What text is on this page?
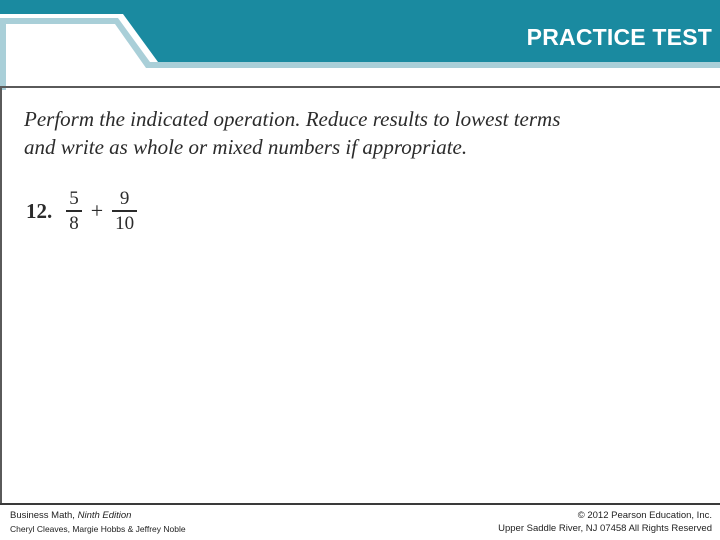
PRACTICE TEST
Perform the indicated operation. Reduce results to lowest terms
and write as whole or mixed numbers if appropriate.
12. $\frac{5}{8} + \frac{9}{10}$
Business Math, Ninth Edition
Cheryl Cleaves, Margie Hobbs & Jeffrey Noble
© 2012 Pearson Education, Inc.
Upper Saddle River, NJ 07458 All Rights Reserved
